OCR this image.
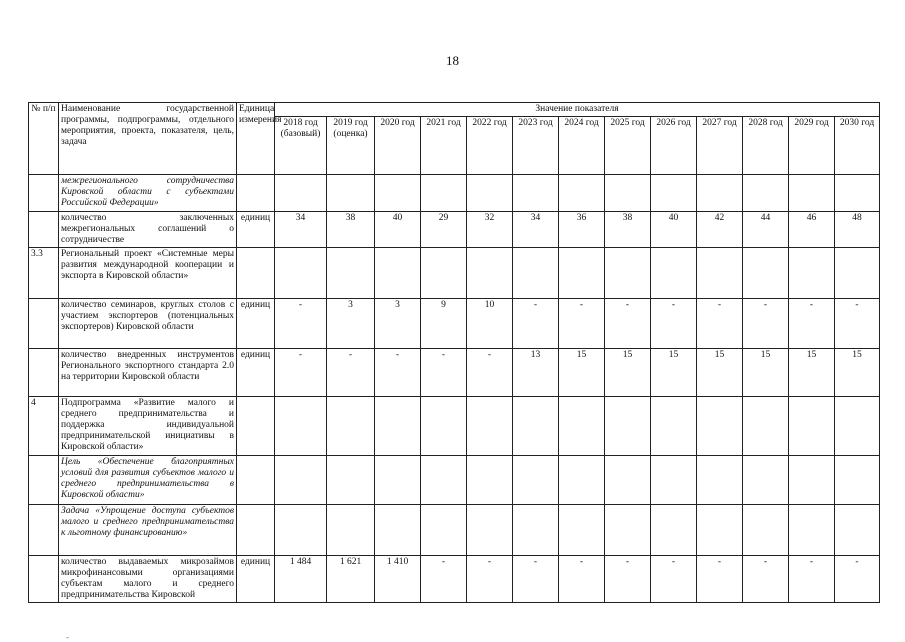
18
№ п/п	Наименование государственной программы, подпрограммы, отдельного мероприятия, проекта, показателя, цель, задача	Единица измерения	Значение показателя												
			2018 год (базовый)	2019 год (оценка)	2020 год	2021 год	2022 год	2023 год	2024 год	2025 год	2026 год	2027 год	2028 год	2029 год	2030 год
	межрегионального сотрудничества Кировской области с субъектами Российской Федерации»														
	количество заключенных межрегиональных соглашений о сотрудничестве	единиц	34	38	40	29	32	34	36	38	40	42	44	46	48
3.3	Региональный проект «Системные меры развития международной кооперации и экспорта в Кировской области»														
	количество семинаров, круглых столов с участием экспортеров (потенциальных экспортеров) Кировской области	единиц	-	3	3	9	10	-	-	-	-	-	-	-	-
	количество внедренных инструментов Регионального экспортного стандарта 2.0 на территории Кировской области	единиц	-	-	-	-	-	13	15	15	15	15	15	15	15
4	Подпрограмма «Развитие малого и среднего предпринимательства и поддержка индивидуальной предпринимательской инициативы в Кировской области»														
	Цель «Обеспечение благоприятных условий для развития субъектов малого и среднего предпринимательства в Кировской области»														
	Задача «Упрощение доступа субъектов малого и среднего предпринимательства к льготному финансированию»														
	количество выдаваемых микрозаймов микрофинансовыми организациями субъектам малого и среднего предпринимательства Кировской	единиц	1 484	1 621	1 410	-	-	-	-	-	-	-	-	-	-
-
